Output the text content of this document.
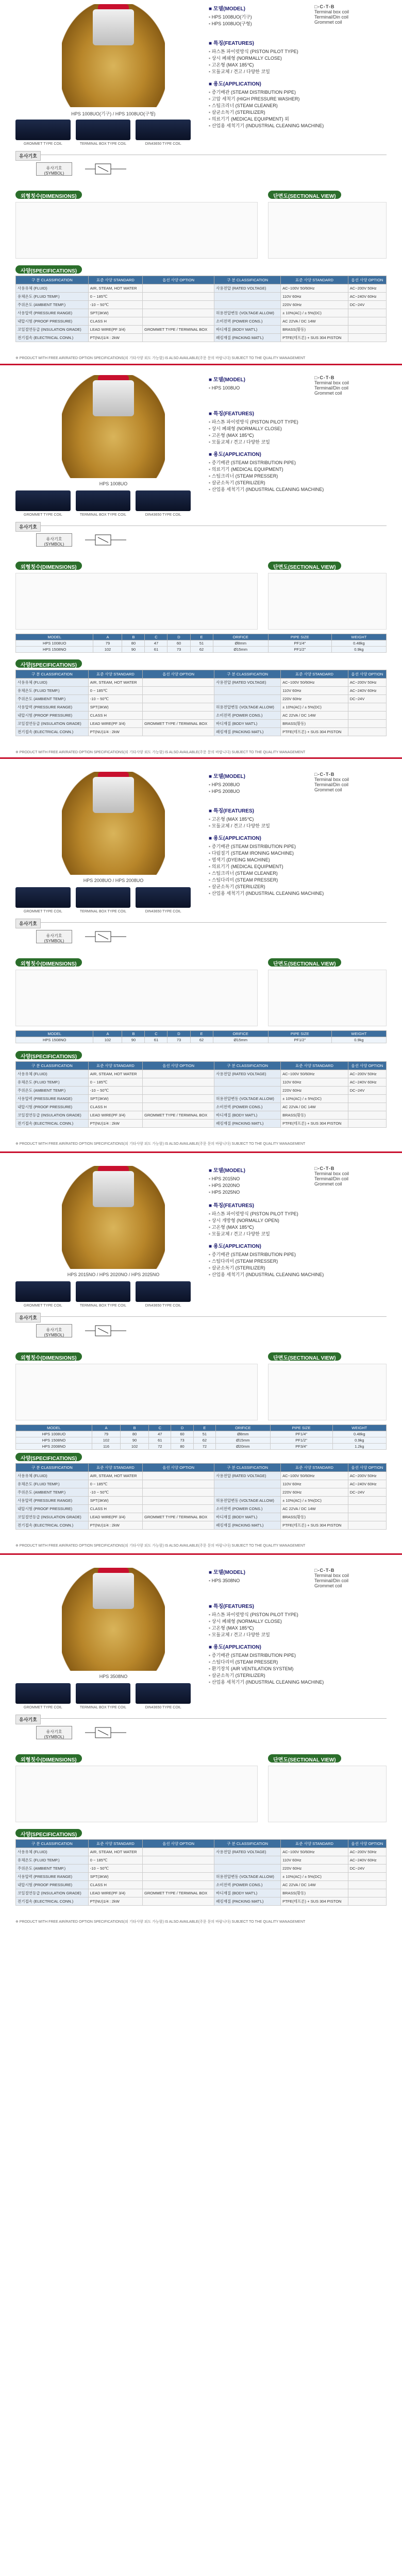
HPS 1008UO(기구) / HPS 1008UO(구형)
GROMMET TYPE COIL	TERMINAL BOX TYPE COIL	DIN43650 TYPE COIL
■ 모델(MODEL)
▪ HPS 1008UO(기구)
▪ HPS 1008UO(구형)
■ 특징(FEATURES)
▪ 파스톤 파이럿방식 (PISTON PILOT TYPE)
▪ 상시 폐쇄형 (NORMALLY CLOSE)
▪ 고온형 (MAX 185℃)
▪ 모듈교체 / 견고 / 다양한 코일
■ 용도(APPLICATION)
▪ 증기배관 (STEAM DISTRIBUTION PIPE)
▪ 고압 세척기 (HIGH PRESSURE WASHER)
▪ 스팀크리너 (STEAM CLEANER)
▪ 살균소독기 (STERILIZER)
▪ 의료기기 (MEDICAL EQUIPMENT) 외
▪ 산업용 세척기기 (INDUSTRIAL CLEANING MACHINE)
□-C-T-B
Terminal box coil
Terminal/Din coil
Grommet coil
유사기호
유사기호 (SYMBOL)
외형칫수(DIMENSIONS)	단면도(SECTIONAL VIEW)
사양(SPECIFICATIONS)
구 분 CLASSIFICATION	표준 사양 STANDARD	옵션 사양 OPTION	구 분 CLASSIFICATION	표준 사양 STANDARD	옵션 사양 OPTION
사용유체 (FLUID)	AIR, STEAM, HOT WATER		사용전압 (RATED VOLTAGE)	AC~100V 50/60Hz	AC~200V 50Hz
유체온도 (FLUID TEMP.)	0 ~ 185℃			110V 60Hz	AC~240V 60Hz
주위온도 (AMBIENT TEMP.)	-10 ~ 50℃			220V 60Hz	DC~24V
사용압력 (PRESSURE RANGE)	SPT(3KW)		허용전압변동 (VOLTAGE ALLOW)	± 10%(AC) / ± 5%(DC)	
내압시험 (PROOF PRESSURE)	CLASS H		소비전력 (POWER CONS.)	AC 22VA / DC 14W	
코일절연등급 (INSULATION GRADE)	LEAD WIRE(PF 3/4)	GROMMET TYPE / TERMINAL BOX	바디재질 (BODY MAT'L)	BRASS(황동)	
전기접속 (ELECTRICAL CONN.)	PT(NU)1/4 : 2kW		패킹재질 (PACKING MAT'L)	PTFE(테프론) + SUS 304 PISTON	
※ PRODUCT WITH FREE AIR/RATED OPTION SPECIFICATIONS(외 기타사양 외도 가능함) IS ALSO AVAILABLE(주문 문의 바랍니다) SUBJECT TO THE QUALITY MANAGEMENT
HPS 1008UO
GROMMET TYPE COIL	TERMINAL BOX TYPE COIL	DIN43650 TYPE COIL
■ 모델(MODEL)
▪ HPS 1008UO
■ 특징(FEATURES)
▪ 파스톤 파이럿방식 (PISTON PILOT TYPE)
▪ 상시 폐쇄형 (NORMALLY CLOSE)
▪ 고온형 (MAX 185℃)
▪ 모듈교체 / 견고 / 다양한 코일
■ 용도(APPLICATION)
▪ 증기배관 (STEAM DISTRIBUTION PIPE)
▪ 의료기기 (MEDICAL EQUIPMENT)
▪ 스팀크리너 (STEAM PRESSER)
▪ 살균소독기 (STERILIZER)
▪ 산업용 세척기기 (INDUSTRIAL CLEANING MACHINE)
□-C-T-B
Terminal box coil
Terminal/Din coil
Grommet coil
유사기호
유사기호 (SYMBOL)
외형칫수(DIMENSIONS)	단면도(SECTIONAL VIEW)
MODEL	A	B	C	D	E	ORIFICE	PIPE SIZE	WEIGHT
HPS 1008UO	79	80	47	60	51	Ø8mm	PF1/4"	0.48kg
HPS 1508NO	102	90	61	73	62	Ø15mm	PF1/2"	0.9kg
사양(SPECIFICATIONS)
구 분 CLASSIFICATION	표준 사양 STANDARD	옵션 사양 OPTION	구 분 CLASSIFICATION	표준 사양 STANDARD	옵션 사양 OPTION
사용유체 (FLUID)	AIR, STEAM, HOT WATER		사용전압 (RATED VOLTAGE)	AC~100V 50/60Hz	AC~200V 50Hz
유체온도 (FLUID TEMP.)	0 ~ 185℃			110V 60Hz	AC~240V 60Hz
주위온도 (AMBIENT TEMP.)	-10 ~ 50℃			220V 60Hz	DC~24V
사용압력 (PRESSURE RANGE)	SPT(3KW)		허용전압변동 (VOLTAGE ALLOW)	± 10%(AC) / ± 5%(DC)	
내압시험 (PROOF PRESSURE)	CLASS H		소비전력 (POWER CONS.)	AC 22VA / DC 14W	
코일절연등급 (INSULATION GRADE)	LEAD WIRE(PF 3/4)	GROMMET TYPE / TERMINAL BOX	바디재질 (BODY MAT'L)	BRASS(황동)	
전기접속 (ELECTRICAL CONN.)	PT(NU)1/4 : 2kW		패킹재질 (PACKING MAT'L)	PTFE(테프론) + SUS 304 PISTON	
※ PRODUCT WITH FREE AIR/RATED OPTION SPECIFICATIONS(외 기타사양 외도 가능함) IS ALSO AVAILABLE(주문 문의 바랍니다) SUBJECT TO THE QUALITY MANAGEMENT
HPS 2008UO / HPS 2008UO
GROMMET TYPE COIL	TERMINAL BOX TYPE COIL	DIN43650 TYPE COIL
■ 모델(MODEL)
▪ HPS 2008UO
▪ HPS 2008UO
■ 특징(FEATURES)
▪ 고온형 (MAX 185℃)
▪ 모듈교체 / 견고 / 다양한 코일
■ 용도(APPLICATION)
▪ 증기배관 (STEAM DISTRIBUTION PIPE)
▪ 다림질기 (STEAM IRONING MACHINE)
▪ 염색기 (DYEING MACHINE)
▪ 의료기기 (MEDICAL EQUIPMENT)
▪ 스팀크리너 (STEAM CLEANER)
▪ 스팀다리미 (STEAM PRESSER)
▪ 살균소독기 (STERILIZER)
▪ 산업용 세척기기 (INDUSTRIAL CLEANING MACHINE)
□-C-T-B
Terminal box coil
Terminal/Din coil
Grommet coil
유사기호
유사기호 (SYMBOL)
외형칫수(DIMENSIONS)	단면도(SECTIONAL VIEW)
MODEL	A	B	C	D	E	ORIFICE	PIPE SIZE	WEIGHT
HPS 1508NO	102	90	61	73	62	Ø15mm	PF1/2"	0.9kg
사양(SPECIFICATIONS)
구 분 CLASSIFICATION	표준 사양 STANDARD	옵션 사양 OPTION	구 분 CLASSIFICATION	표준 사양 STANDARD	옵션 사양 OPTION
사용유체 (FLUID)	AIR, STEAM, HOT WATER		사용전압 (RATED VOLTAGE)	AC~100V 50/60Hz	AC~200V 50Hz
유체온도 (FLUID TEMP.)	0 ~ 185℃			110V 60Hz	AC~240V 60Hz
주위온도 (AMBIENT TEMP.)	-10 ~ 50℃			220V 60Hz	DC~24V
사용압력 (PRESSURE RANGE)	SPT(3KW)		허용전압변동 (VOLTAGE ALLOW)	± 10%(AC) / ± 5%(DC)	
내압시험 (PROOF PRESSURE)	CLASS H		소비전력 (POWER CONS.)	AC 22VA / DC 14W	
코일절연등급 (INSULATION GRADE)	LEAD WIRE(PF 3/4)	GROMMET TYPE / TERMINAL BOX	바디재질 (BODY MAT'L)	BRASS(황동)	
전기접속 (ELECTRICAL CONN.)	PT(NU)1/4 : 2kW		패킹재질 (PACKING MAT'L)	PTFE(테프론) + SUS 304 PISTON	
※ PRODUCT WITH FREE AIR/RATED OPTION SPECIFICATIONS(외 기타사양 외도 가능함) IS ALSO AVAILABLE(주문 문의 바랍니다) SUBJECT TO THE QUALITY MANAGEMENT
HPS 2015NO / HPS 2020NO / HPS 2025NO
GROMMET TYPE COIL	TERMINAL BOX TYPE COIL	DIN43650 TYPE COIL
■ 모델(MODEL)
▪ HPS 2015NO
▪ HPS 2020NO
▪ HPS 2025NO
■ 특징(FEATURES)
▪ 파스톤 파이럿방식 (PISTON PILOT TYPE)
▪ 상시 개방형 (NORMALLY OPEN)
▪ 고온형 (MAX 185℃)
▪ 모듈교체 / 견고 / 다양한 코일
■ 용도(APPLICATION)
▪ 증기배관 (STEAM DISTRIBUTION PIPE)
▪ 스팀다리미 (STEAM PRESSER)
▪ 살균소독기 (STERILIZER)
▪ 산업용 세척기기 (INDUSTRIAL CLEANING MACHINE)
□-C-T-B
Terminal box coil
Terminal/Din coil
Grommet coil
유사기호
유사기호 (SYMBOL)
외형칫수(DIMENSIONS)	단면도(SECTIONAL VIEW)
MODEL	A	B	C	D	E	ORIFICE	PIPE SIZE	WEIGHT
HPS 1008UO	79	80	47	60	51	Ø8mm	PF1/4"	0.48kg
HPS 1508NO	102	90	61	73	62	Ø15mm	PF1/2"	0.9kg
HPS 2008NO	116	102	72	80	72	Ø20mm	PF3/4"	1.2kg
사양(SPECIFICATIONS)
구 분 CLASSIFICATION	표준 사양 STANDARD	옵션 사양 OPTION	구 분 CLASSIFICATION	표준 사양 STANDARD	옵션 사양 OPTION
사용유체 (FLUID)	AIR, STEAM, HOT WATER		사용전압 (RATED VOLTAGE)	AC~100V 50/60Hz	AC~200V 50Hz
유체온도 (FLUID TEMP.)	0 ~ 185℃			110V 60Hz	AC~240V 60Hz
주위온도 (AMBIENT TEMP.)	-10 ~ 50℃			220V 60Hz	DC~24V
사용압력 (PRESSURE RANGE)	SPT(3KW)		허용전압변동 (VOLTAGE ALLOW)	± 10%(AC) / ± 5%(DC)	
내압시험 (PROOF PRESSURE)	CLASS H		소비전력 (POWER CONS.)	AC 22VA / DC 14W	
코일절연등급 (INSULATION GRADE)	LEAD WIRE(PF 3/4)	GROMMET TYPE / TERMINAL BOX	바디재질 (BODY MAT'L)	BRASS(황동)	
전기접속 (ELECTRICAL CONN.)	PT(NU)1/4 : 2kW		패킹재질 (PACKING MAT'L)	PTFE(테프론) + SUS 304 PISTON	
※ PRODUCT WITH FREE AIR/RATED OPTION SPECIFICATIONS(외 기타사양 외도 가능함) IS ALSO AVAILABLE(주문 문의 바랍니다) SUBJECT TO THE QUALITY MANAGEMENT
HPS 3508NO
GROMMET TYPE COIL	TERMINAL BOX TYPE COIL	DIN43650 TYPE COIL
■ 모델(MODEL)
▪ HPS 3508NO
■ 특징(FEATURES)
▪ 파스톤 파이럿방식 (PISTON PILOT TYPE)
▪ 상시 폐쇄형 (NORMALLY CLOSE)
▪ 고온형 (MAX 185℃)
▪ 모듈교체 / 견고 / 다양한 코일
■ 용도(APPLICATION)
▪ 증기배관 (STEAM DISTRIBUTION PIPE)
▪ 스팀다리미 (STEAM PRESSER)
▪ 환기장치 (AIR VENTILATION SYSTEM)
▪ 살균소독기 (STERILIZER)
▪ 산업용 세척기기 (INDUSTRIAL CLEANING MACHINE)
□-C-T-B
Terminal box coil
Terminal/Din coil
Grommet coil
유사기호
유사기호 (SYMBOL)
외형칫수(DIMENSIONS)	단면도(SECTIONAL VIEW)
사양(SPECIFICATIONS)
구 분 CLASSIFICATION	표준 사양 STANDARD	옵션 사양 OPTION	구 분 CLASSIFICATION	표준 사양 STANDARD	옵션 사양 OPTION
사용유체 (FLUID)	AIR, STEAM, HOT WATER		사용전압 (RATED VOLTAGE)	AC~100V 50/60Hz	AC~200V 50Hz
유체온도 (FLUID TEMP.)	0 ~ 185℃			110V 60Hz	AC~240V 60Hz
주위온도 (AMBIENT TEMP.)	-10 ~ 50℃			220V 60Hz	DC~24V
사용압력 (PRESSURE RANGE)	SPT(3KW)		허용전압변동 (VOLTAGE ALLOW)	± 10%(AC) / ± 5%(DC)	
내압시험 (PROOF PRESSURE)	CLASS H		소비전력 (POWER CONS.)	AC 22VA / DC 14W	
코일절연등급 (INSULATION GRADE)	LEAD WIRE(PF 3/4)	GROMMET TYPE / TERMINAL BOX	바디재질 (BODY MAT'L)	BRASS(황동)	
전기접속 (ELECTRICAL CONN.)	PT(NU)1/4 : 2kW		패킹재질 (PACKING MAT'L)	PTFE(테프론) + SUS 304 PISTON	
※ PRODUCT WITH FREE AIR/RATED OPTION SPECIFICATIONS(외 기타사양 외도 가능함) IS ALSO AVAILABLE(주문 문의 바랍니다) SUBJECT TO THE QUALITY MANAGEMENT
